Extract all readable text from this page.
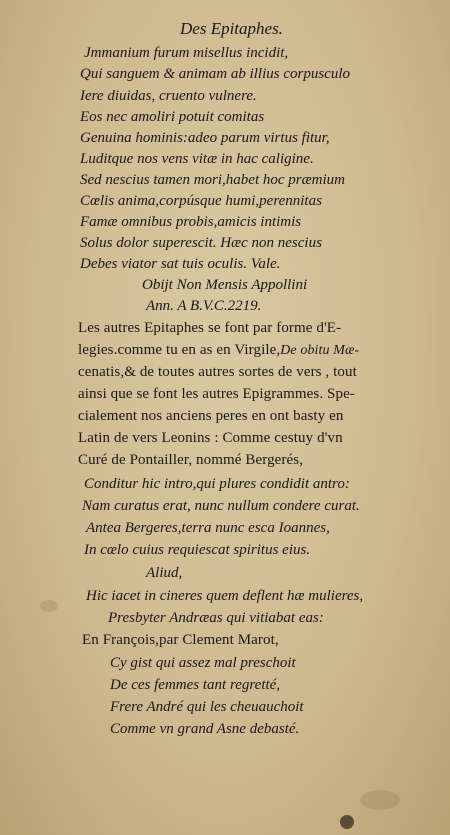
Des Epitaphes.
Jmmanium furum misellus incidit,
Qui sanguem & animam ab illius corpusculo
Iere diuidas, cruento vulnere.
Eos nec amoliri potuit comitas
Genuina hominis:adeo parum virtus fitur,
Luditque nos vens vitæ in hac caligine.
Sed nescius tamen mori,habet hoc præmium
Cœlis anima,corpúsque humi,perennitas
Famæ omnibus probis,amicis intimis
Solus dolor superescit. Hæc non nescius
Debes viator sat tuis oculis. Vale.
Obijt Non Mensis Appollini
Ann. A B.V.C.2219.
Les autres Epitaphes se font par forme d'E-
legies.comme tu en as en Virgile,De obitu Mæ-
cenatis,& de toutes autres sortes de vers , tout
ainsi que se font les autres Epigrammes. Spe-
cialement nos anciens peres en ont basty en
Latin de vers Leonins : Comme cestuy d'vn
Curé de Pontailler, nommé Bergerés,
Conditur hic intro,qui plures condidit antro:
Nam curatus erat, nunc nullum condere curat.
Antea Bergeres,terra nunc esca Ioannes,
In cœlo cuius requiescat spiritus eius.
Aliud,
Hic iacet in cineres quem deflent hæ mulieres,
Presbyter Andræas qui vitiabat eas:
En François,par Clement Marot,
Cy gist qui assez mal preschoit
De ces femmes tant regretté,
Frere André qui les cheuauchoit
Comme vn grand Asne debasté.
